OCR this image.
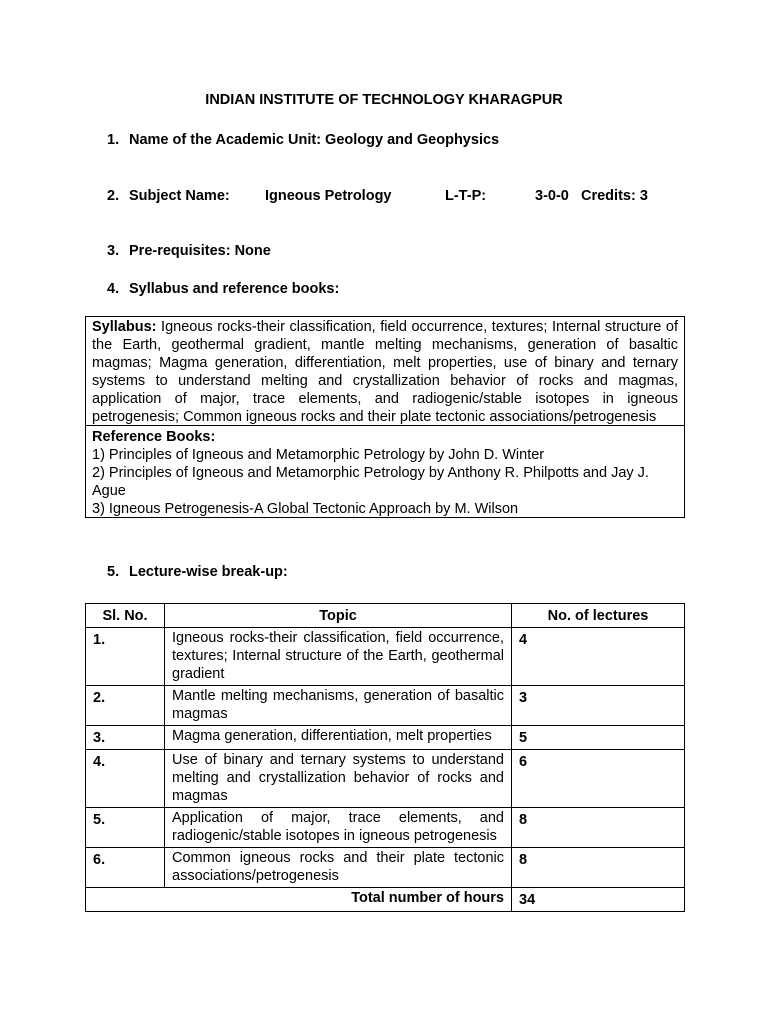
INDIAN INSTITUTE OF TECHNOLOGY KHARAGPUR
1. Name of the Academic Unit: Geology and Geophysics
2. Subject Name: Igneous Petrology	L-T-P:	3-0-0 Credits: 3
3. Pre-requisites: None
4. Syllabus and reference books:
Syllabus: Igneous rocks-their classification, field occurrence, textures; Internal structure of the Earth, geothermal gradient, mantle melting mechanisms, generation of basaltic magmas; Magma generation, differentiation, melt properties, use of binary and ternary systems to understand melting and crystallization behavior of rocks and magmas, application of major, trace elements, and radiogenic/stable isotopes in igneous petrogenesis; Common igneous rocks and their plate tectonic associations/petrogenesis
Reference Books:
1) Principles of Igneous and Metamorphic Petrology by John D. Winter
2) Principles of Igneous and Metamorphic Petrology by Anthony R. Philpotts and Jay J. Ague
3) Igneous Petrogenesis-A Global Tectonic Approach by M. Wilson
5. Lecture-wise break-up:
Sl. No.	Topic	No. of lectures
1.	Igneous rocks-their classification, field occurrence, textures; Internal structure of the Earth, geothermal gradient	4
2.	Mantle melting mechanisms, generation of basaltic magmas	3
3.	Magma generation, differentiation, melt properties	5
4.	Use of binary and ternary systems to understand melting and crystallization behavior of rocks and magmas	6
5.	Application of major, trace elements, and radiogenic/stable isotopes in igneous petrogenesis	8
6.	Common igneous rocks and their plate tectonic associations/petrogenesis	8
Total number of hours		34
